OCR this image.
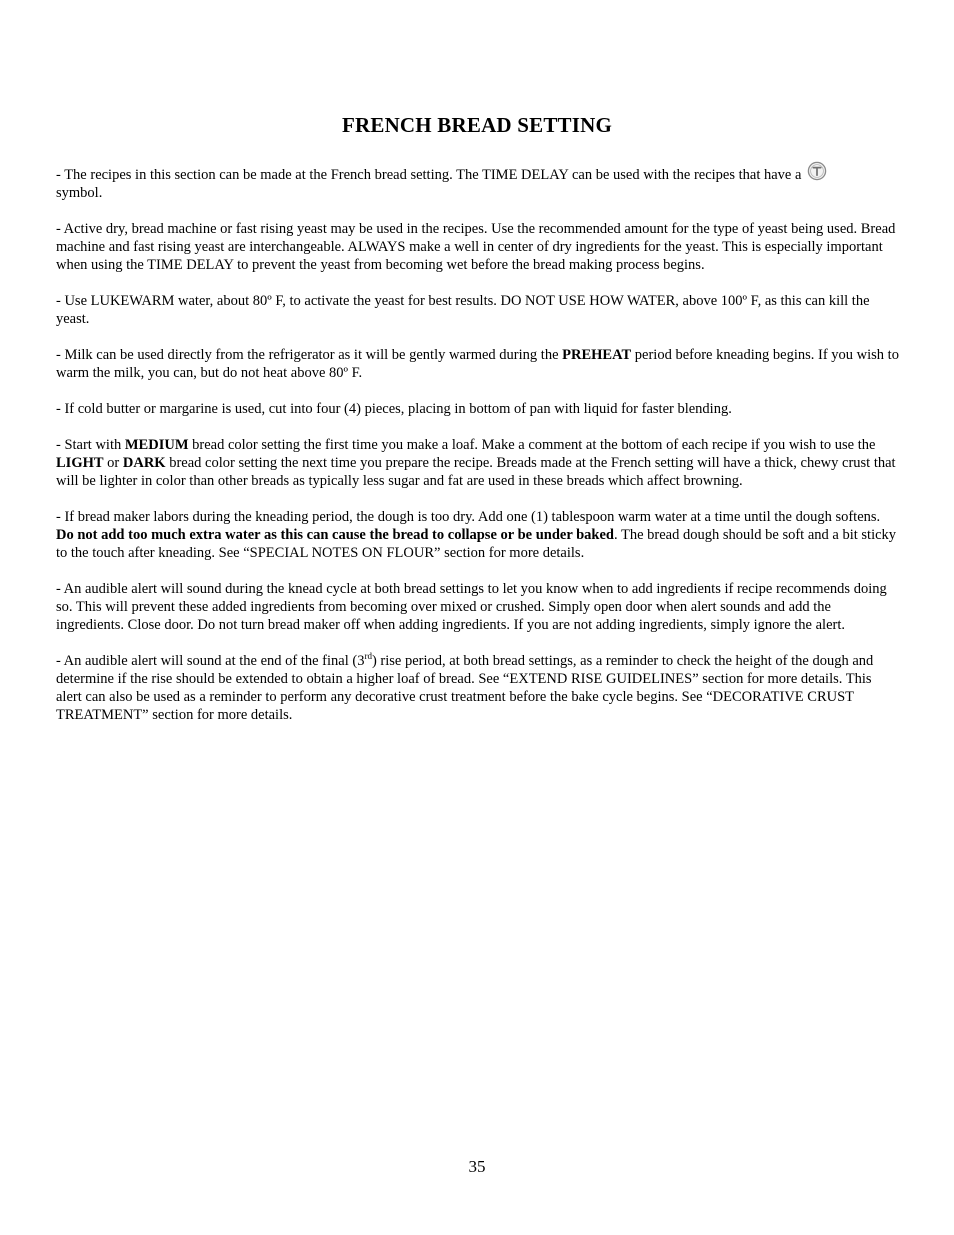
FRENCH BREAD SETTING

- The recipes in this section can be made at the French bread setting. The TIME DELAY can be used with the recipes that have a
symbol.

- Active dry, bread machine or fast rising yeast may be used in the recipes. Use the recommended amount for the type of yeast being used. Bread machine and fast rising yeast are interchangeable. ALWAYS make a well in center of dry ingredients for the yeast. This is especially important when using the TIME DELAY to prevent the yeast from becoming wet before the bread making process begins.

- Use LUKEWARM water, about 80º F, to activate the yeast for best results. DO NOT USE HOW WATER, above 100º F, as this can kill the yeast.

- Milk can be used directly from the refrigerator as it will be gently warmed during the PREHEAT period before kneading begins. If you wish to warm the milk, you can, but do not heat above 80º F.

- If cold butter or margarine is used, cut into four (4) pieces, placing in bottom of pan with liquid for faster blending.

- Start with MEDIUM bread color setting the first time you make a loaf. Make a comment at the bottom of each recipe if you wish to use the LIGHT or DARK bread color setting the next time you prepare the recipe. Breads made at the French setting will have a thick, chewy crust that will be lighter in color than other breads as typically less sugar and fat are used in these breads which affect browning.

- If bread maker labors during the kneading period, the dough is too dry. Add one (1) tablespoon warm water at a time until the dough softens. Do not add too much extra water as this can cause the bread to collapse or be under baked. The bread dough should be soft and a bit sticky to the touch after kneading. See “SPECIAL NOTES ON FLOUR” section for more details.

- An audible alert will sound during the knead cycle at both bread settings to let you know when to add ingredients if recipe recommends doing so. This will prevent these added ingredients from becoming over mixed or crushed. Simply open door when alert sounds and add the ingredients. Close door. Do not turn bread maker off when adding ingredients. If you are not adding ingredients, simply ignore the alert.

- An audible alert will sound at the end of the final (3rd) rise period, at both bread settings, as a reminder to check the height of the dough and determine if the rise should be extended to obtain a higher loaf of bread. See “EXTEND RISE GUIDELINES” section for more details. This alert can also be used as a reminder to perform any decorative crust treatment before the bake cycle begins. See “DECORATIVE CRUST TREATMENT” section for more details.

35
